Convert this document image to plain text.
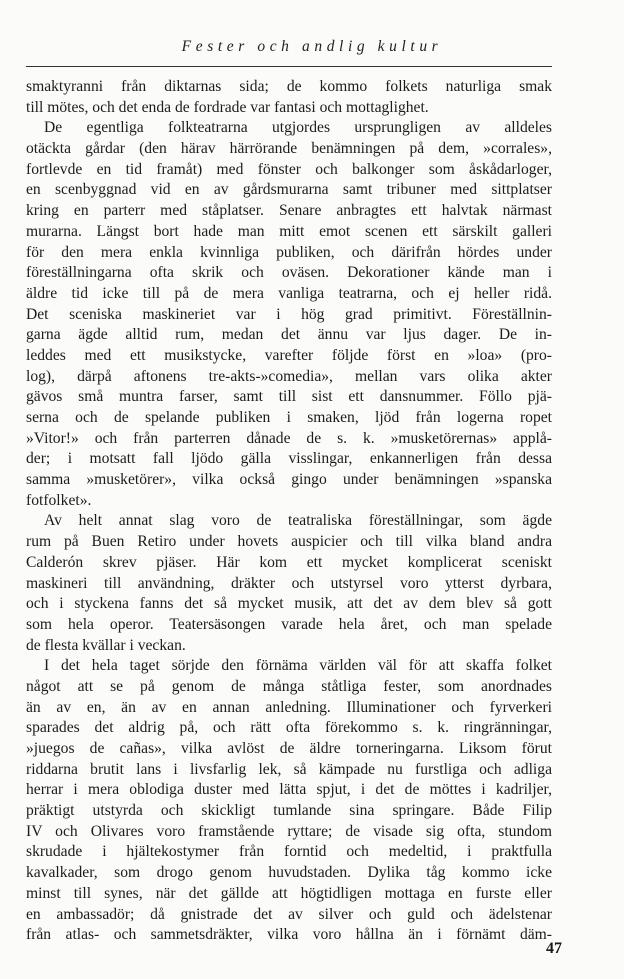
Fester och andlig kultur
smaktyranni från diktarnas sida; de kommo folkets naturliga smak
till mötes, och det enda de fordrade var fantasi och mottaglighet.
De egentliga folkteatrarna utgjordes ursprungligen av alldeles
otäckta gårdar (den härav härrörande benämningen på dem, »corrales»,
fortlevde en tid framåt) med fönster och balkonger som åskådarloger,
en scenbyggnad vid en av gårdsmurarna samt tribuner med sittplatser
kring en parterr med ståplatser. Senare anbragtes ett halvtak närmast
murarna. Längst bort hade man mitt emot scenen ett särskilt galleri
för den mera enkla kvinnliga publiken, och därifrån hördes under
föreställningarna ofta skrik och oväsen. Dekorationer kände man i
äldre tid icke till på de mera vanliga teatrarna, och ej heller ridå.
Det sceniska maskineriet var i hög grad primitivt. Föreställnin-
garna ägde alltid rum, medan det ännu var ljus dager. De in-
leddes med ett musikstycke, varefter följde först en »loa» (pro-
log), därpå aftonens tre-akts-»comedia», mellan vars olika akter
gävos små muntra farser, samt till sist ett dansnummer. Föllo pjä-
serna och de spelande publiken i smaken, ljöd från logerna ropet
»Vitor!» och från parterren dånade de s. k. »musketörernas» applå-
der; i motsatt fall ljödo gälla visslingar, enkannerligen från dessa
samma »musketörer», vilka också gingo under benämningen »spanska
fotfolket».
Av helt annat slag voro de teatraliska föreställningar, som ägde
rum på Buen Retiro under hovets auspicier och till vilka bland andra
Calderón skrev pjäser. Här kom ett mycket komplicerat sceniskt
maskineri till användning, dräkter och utstyrsel voro ytterst dyrbara,
och i styckena fanns det så mycket musik, att det av dem blev så gott
som hela operor. Teatersäsongen varade hela året, och man spelade
de flesta kvällar i veckan.
I det hela taget sörjde den förnäma världen väl för att skaffa folket
något att se på genom de många ståtliga fester, som anordnades
än av en, än av en annan anledning. Illuminationer och fyrverkeri
sparades det aldrig på, och rätt ofta förekommo s. k. ringränningar,
»juegos de cañas», vilka avlöst de äldre torneringarna. Liksom förut
riddarna brutit lans i livsfarlig lek, så kämpade nu furstliga och adliga
herrar i mera oblodiga duster med lätta spjut, i det de möttes i kadriljer,
präktigt utstyrda och skickligt tumlande sina springare. Både Filip
IV och Olivares voro framstående ryttare; de visade sig ofta, stundom
skrudade i hjältekostymer från forntid och medeltid, i praktfulla
kavalkader, som drogo genom huvudstaden. Dylika tåg kommo icke
minst till synes, när det gällde att högtidligen mottaga en furste eller
en ambassadör; då gnistrade det av silver och guld och ädelstenar
från atlas- och sammetsdräkter, vilka voro hållna än i förnämt däm-
47
